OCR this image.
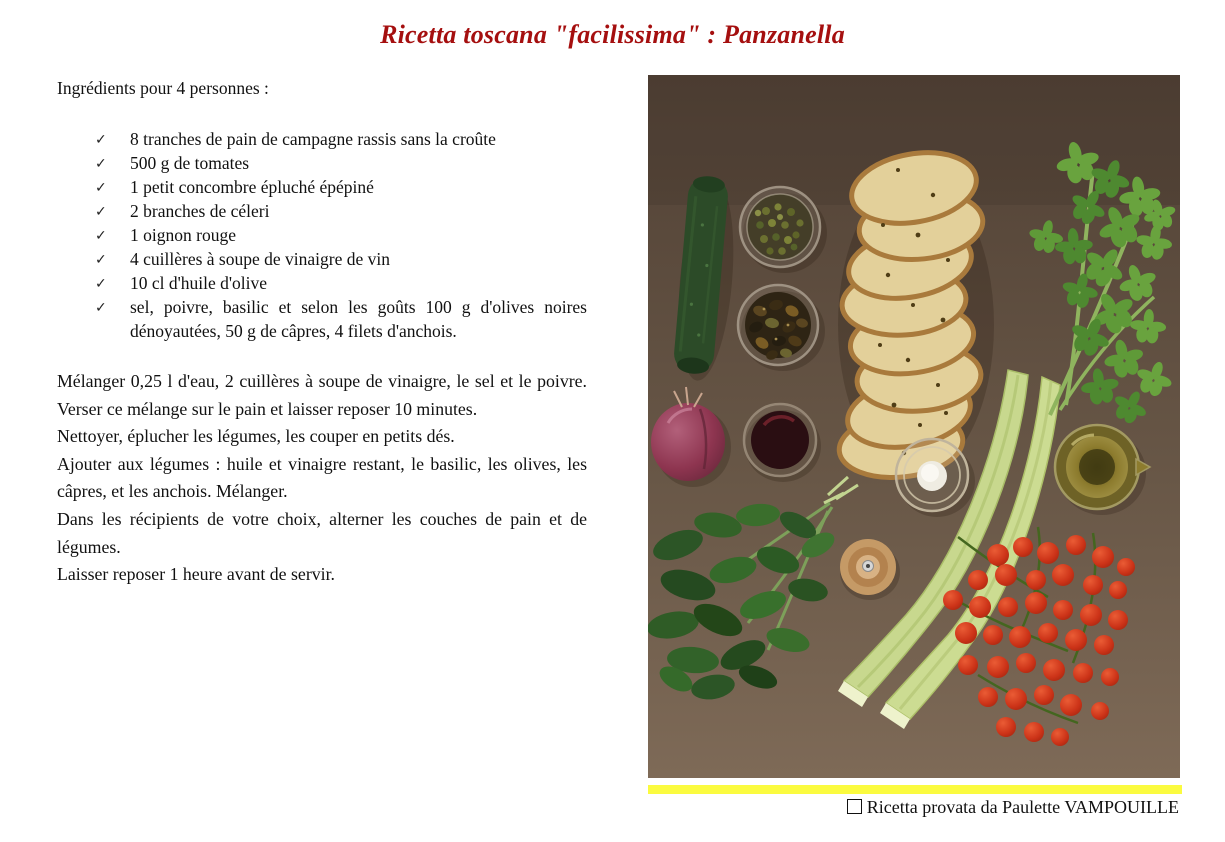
Ricetta toscana "facilissima" : Panzanella

Ingrédients pour 4 personnes :

✓ 8 tranches de pain de campagne rassis sans la croûte
✓ 500 g de tomates
✓ 1 petit concombre épluché épépiné
✓ 2 branches de céleri
✓ 1 oignon rouge
✓ 4 cuillères à soupe de vinaigre de vin
✓ 10 cl d'huile d'olive
✓ sel, poivre, basilic et selon les goûts 100 g d'olives noires dénoyautées, 50 g de câpres, 4 filets d'anchois.

Mélanger 0,25 l d'eau, 2 cuillères à soupe de vinaigre, le sel et le poivre. Verser ce mélange sur le pain et laisser reposer 10 minutes.

Nettoyer, éplucher les légumes, les couper en petits dés.

Ajouter aux légumes : huile et vinaigre restant, le basilic, les olives, les câpres, et les anchois. Mélanger.

Dans les récipients de votre choix, alterner les couches de pain et de légumes.

Laisser reposer 1 heure avant de servir.

Ricetta provata da Paulette VAMPOUILLE
